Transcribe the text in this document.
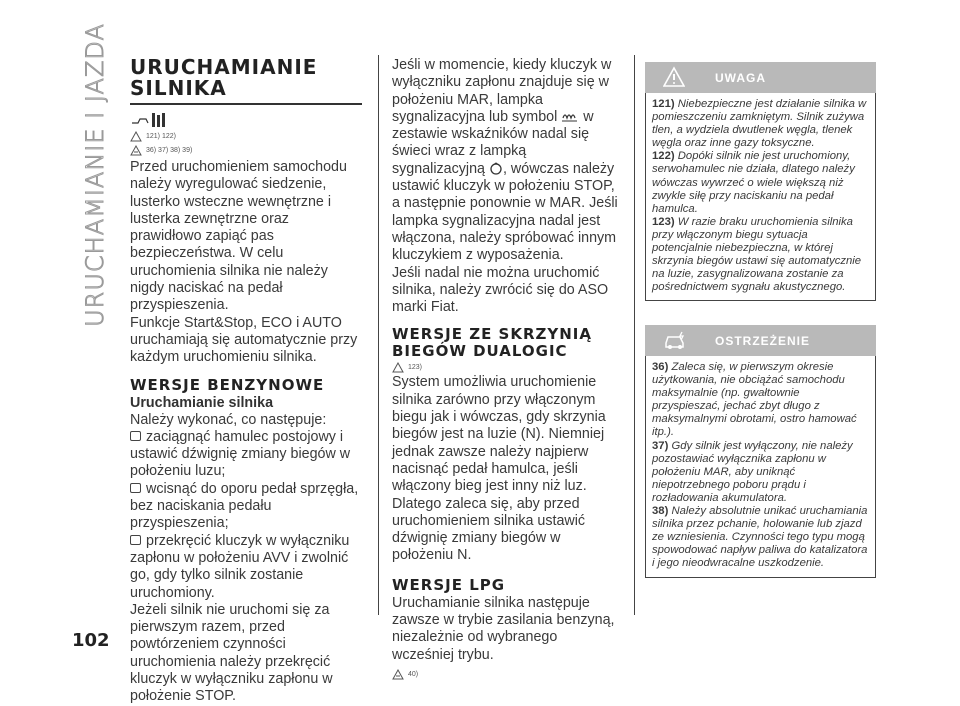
URUCHAMIANIE I JAZDA
102
URUCHAMIANIE
SILNIKA
121) 122)
36) 37) 38) 39)

Przed uruchomieniem samochodu należy wyregulować siedzenie, lusterko wsteczne wewnętrzne i lusterka zewnętrzne oraz prawidłowo zapiąć pas bezpieczeństwa. W celu uruchomienia silnika nie należy nigdy naciskać na pedał przyspieszenia.

Funkcje Start&Stop, ECO i AUTO uruchamiają się automatycznie przy każdym uruchomieniu silnika.

WERSJE BENZYNOWE
Uruchamianie silnika

Należy wykonać, co następuje:

zaciągnąć hamulec postojowy i ustawić dźwignię zmiany biegów w położeniu luzu;

wcisnąć do oporu pedał sprzęgła, bez naciskania pedału przyspieszenia;

przekręcić kluczyk w wyłączniku zapłonu w położeniu AVV i zwolnić go, gdy tylko silnik zostanie uruchomiony.

Jeżeli silnik nie uruchomi się za pierwszym razem, przed powtórzeniem czynności uruchomienia należy przekręcić kluczyk w wyłączniku zapłonu w położenie STOP.

Jeśli w momencie, kiedy kluczyk w wyłączniku zapłonu znajduje się w położeniu MAR, lampka sygnalizacyjna lub symbol w zestawie wskaźników nadal się świeci wraz z lampką sygnalizacyjną , wówczas należy ustawić kluczyk w położeniu STOP, a następnie ponownie w MAR. Jeśli lampka sygnalizacyjna nadal jest włączona, należy spróbować innym kluczykiem z wyposażenia.

Jeśli nadal nie można uruchomić silnika, należy zwrócić się do ASO marki Fiat.

WERSJE ZE SKRZYNIĄ
BIEGÓW DUALOGIC
123)

System umożliwia uruchomienie silnika zarówno przy włączonym biegu jak i wówczas, gdy skrzynia biegów jest na luzie (N). Niemniej jednak zawsze należy najpierw nacisnąć pedał hamulca, jeśli włączony bieg jest inny niż luz. Dlatego zaleca się, aby przed uruchomieniem silnika ustawić dźwignię zmiany biegów w położeniu N.

WERSJE LPG

Uruchamianie silnika następuje zawsze w trybie zasilania benzyną, niezależnie od wybranego wcześniej trybu.

40)
UWAGA

121) Niebezpieczne jest działanie silnika w pomieszczeniu zamkniętym. Silnik zużywa tlen, a wydziela dwutlenek węgla, tlenek węgla oraz inne gazy toksyczne.

122) Dopóki silnik nie jest uruchomiony, serwohamulec nie działa, dlatego należy wówczas wywrzeć o wiele większą niż zwykle siłę przy naciskaniu na pedał hamulca.

123) W razie braku uruchomienia silnika przy włączonym biegu sytuacja potencjalnie niebezpieczna, w której skrzynia biegów ustawi się automatycznie na luzie, zasygnalizowana zostanie za pośrednictwem sygnału akustycznego.

OSTRZEŻENIE

36) Zaleca się, w pierwszym okresie użytkowania, nie obciążać samochodu maksymalnie (np. gwałtownie przyspieszać, jechać zbyt długo z maksymalnymi obrotami, ostro hamować itp.).

37) Gdy silnik jest wyłączony, nie należy pozostawiać wyłącznika zapłonu w położeniu MAR, aby uniknąć niepotrzebnego poboru prądu i rozładowania akumulatora.

38) Należy absolutnie unikać uruchamiania silnika przez pchanie, holowanie lub zjazd ze wzniesienia. Czynności tego typu mogą spowodować napływ paliwa do katalizatora i jego nieodwracalne uszkodzenie.
